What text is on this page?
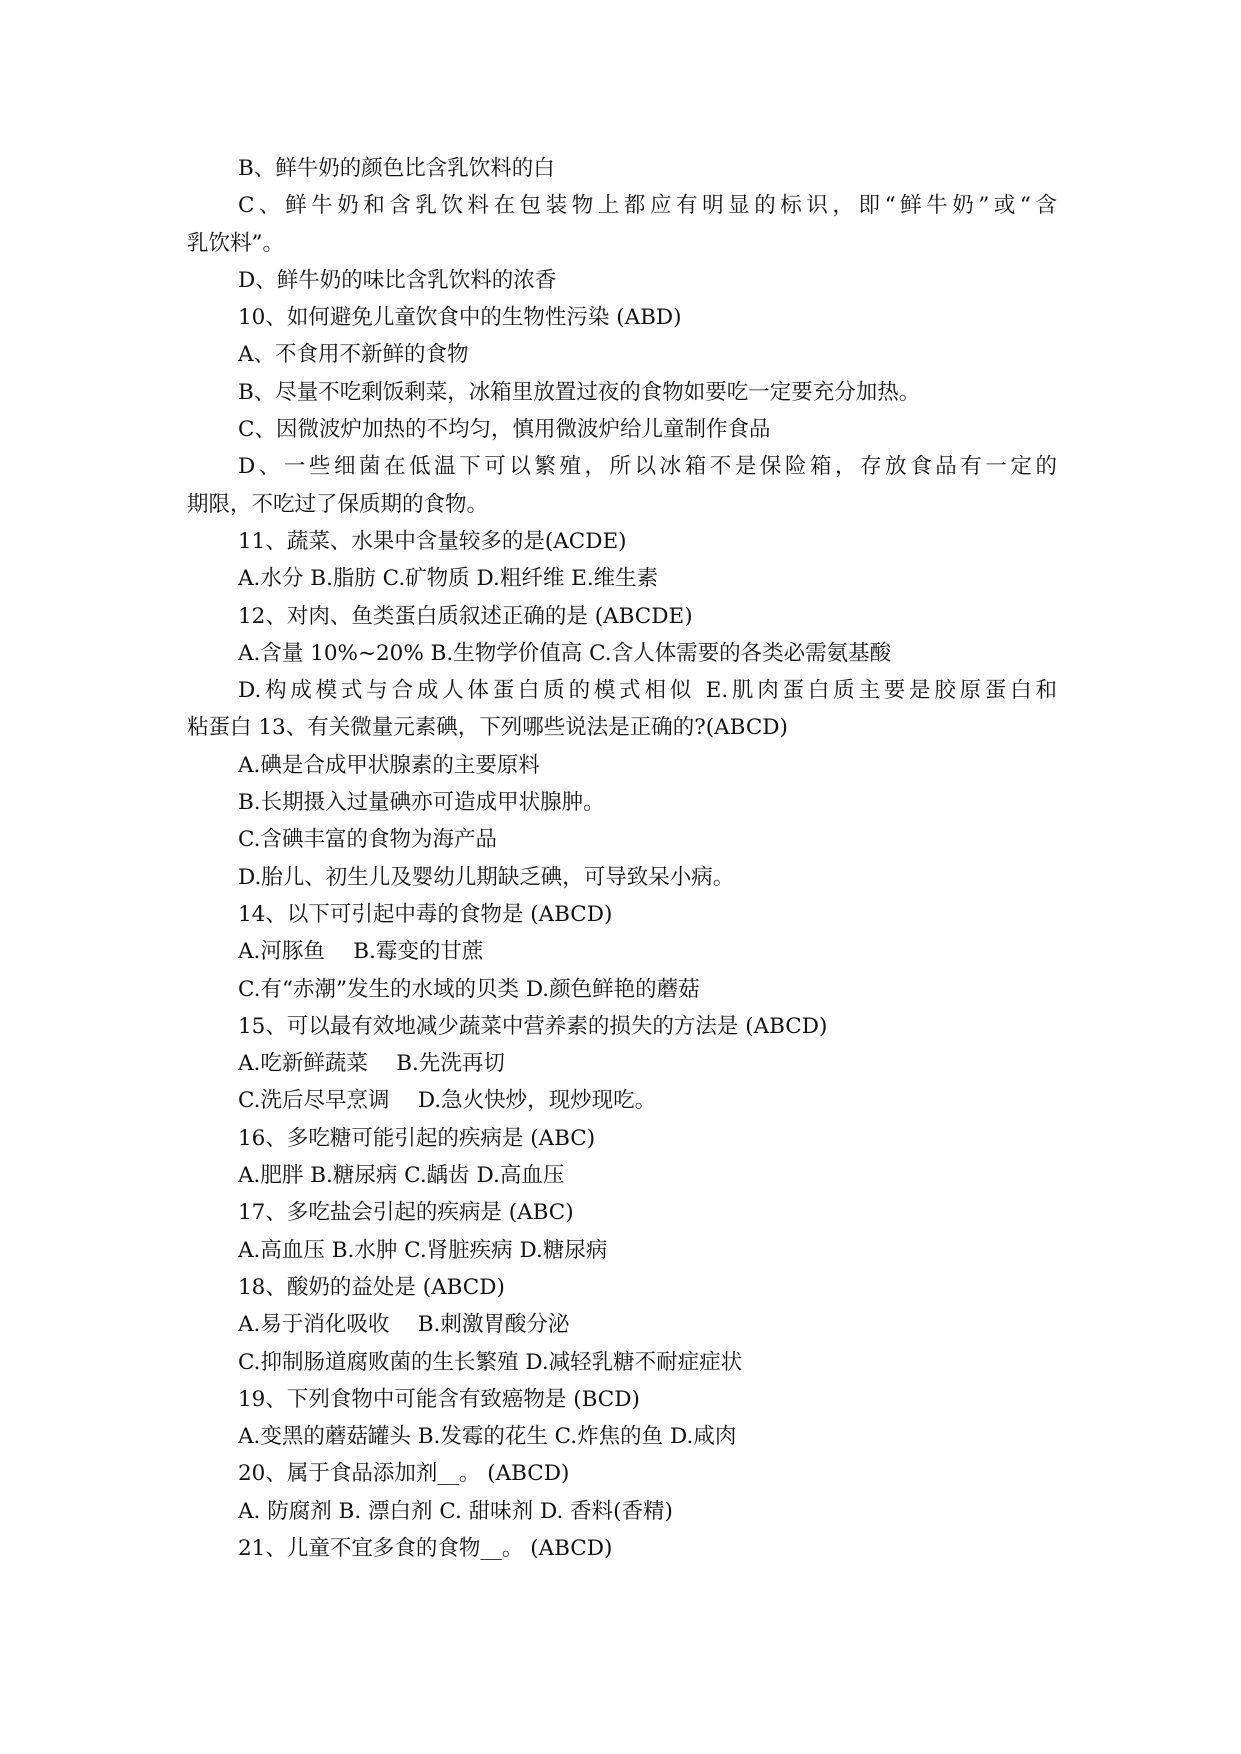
B、鲜牛奶的颜色比含乳饮料的白
C、鲜牛奶和含乳饮料在包装物上都应有明显的标识，即“鲜牛奶”或“含
乳饮料”。
D、鲜牛奶的味比含乳饮料的浓香
10、如何避免儿童饮食中的生物性污染 (ABD)
A、不食用不新鲜的食物
B、尽量不吃剩饭剩菜，冰箱里放置过夜的食物如要吃一定要充分加热。
C、因微波炉加热的不均匀，慎用微波炉给儿童制作食品
D、一些细菌在低温下可以繁殖，所以冰箱不是保险箱，存放食品有一定的
期限，不吃过了保质期的食物。
11、蔬菜、水果中含量较多的是(ACDE)
A.水分 B.脂肪 C.矿物质 D.粗纤维 E.维生素
12、对肉、鱼类蛋白质叙述正确的是 (ABCDE)
A.含量 10%~20% B.生物学价值高 C.含人体需要的各类必需氨基酸
D.构成模式与合成人体蛋白质的模式相似 E.肌肉蛋白质主要是胶原蛋白和
粘蛋白 13、有关微量元素碘，下列哪些说法是正确的?(ABCD)
A.碘是合成甲状腺素的主要原料
B.长期摄入过量碘亦可造成甲状腺肿。
C.含碘丰富的食物为海产品
D.胎儿、初生儿及婴幼儿期缺乏碘，可导致呆小病。
14、以下可引起中毒的食物是 (ABCD)
A.河豚鱼　 B.霉变的甘蔗
C.有“赤潮”发生的水域的贝类 D.颜色鲜艳的蘑菇
15、可以最有效地减少蔬菜中营养素的损失的方法是 (ABCD)
A.吃新鲜蔬菜　 B.先洗再切
C.洗后尽早烹调　 D.急火快炒，现炒现吃。
16、多吃糖可能引起的疾病是 (ABC)
A.肥胖 B.糖尿病 C.龋齿 D.高血压
17、多吃盐会引起的疾病是 (ABC)
A.高血压 B.水肿 C.肾脏疾病 D.糖尿病
18、酸奶的益处是 (ABCD)
A.易于消化吸收　 B.刺激胃酸分泌
C.抑制肠道腐败菌的生长繁殖 D.减轻乳糖不耐症症状
19、下列食物中可能含有致癌物是 (BCD)
A.变黑的蘑菇罐头 B.发霉的花生 C.炸焦的鱼 D.咸肉
20、属于食品添加剂__。 (ABCD)
A. 防腐剂 B. 漂白剂 C. 甜味剂 D. 香料(香精)
21、儿童不宜多食的食物__。 (ABCD)
